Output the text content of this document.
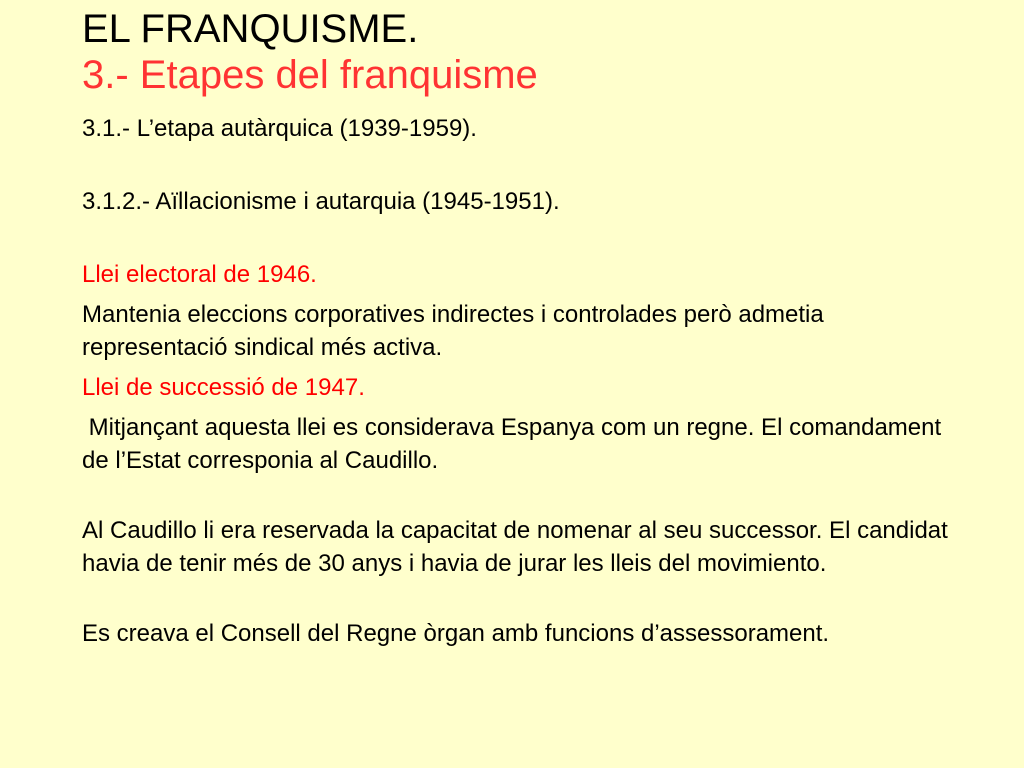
EL FRANQUISME.
3.- Etapes del franquisme

3.1.- L’etapa autàrquica (1939-1959).

3.1.2.- Aïllacionisme i autarquia (1945-1951).

Llei electoral de 1946.

Mantenia eleccions corporatives indirectes i controlades però admetia representació sindical més activa.

Llei de successió de 1947.

Mitjançant aquesta llei es considerava Espanya com un regne. El comandament de l’Estat corresponia al Caudillo.

Al Caudillo li era reservada la capacitat de nomenar al seu successor. El candidat havia de tenir més de 30 anys i havia de jurar les lleis del movimiento.

Es creava el Consell del Regne òrgan amb funcions d’assessorament.
